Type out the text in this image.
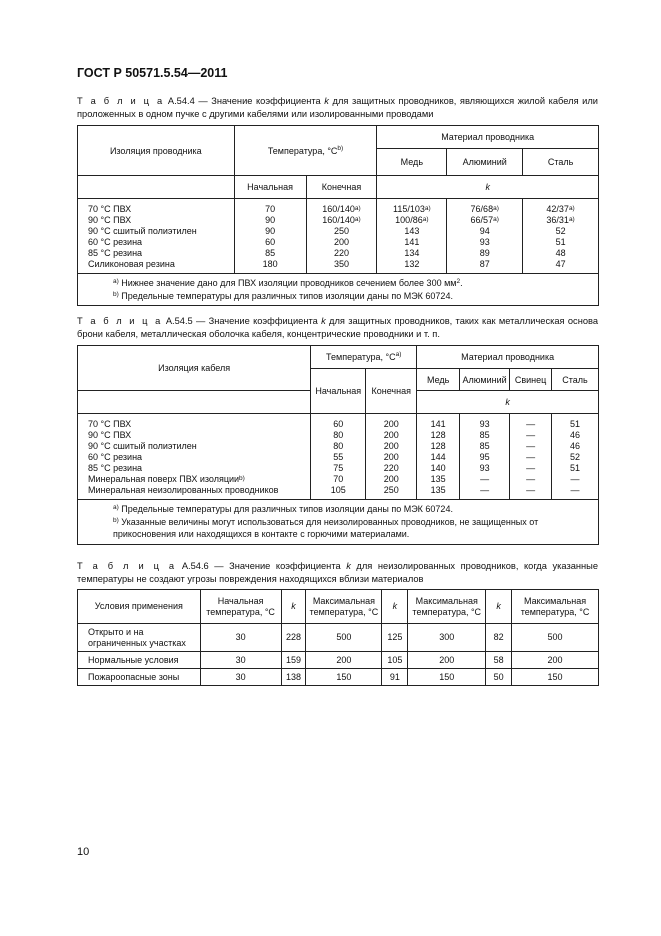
ГОСТ Р 50571.5.54—2011
Т а б л и ц а A.54.4 — Значение коэффициента k для защитных проводников, являющихся жилой кабеля или проложенных в одном пучке с другими кабелями или изолированными проводами
Изоляция проводника	Температура, $^\circ C^{b)}$		Материал проводника		
			Медь	Алюминий	Сталь
	Начальная	Конечная	k		
70 °С ПВХ	70	$160/140^{а)}$	$115/103^{а)}$	$76/68^{а)}$	$42/37^{а)}$
90 °С ПВХ	90	$160/140^{а)}$	$100/86^{а)}$	$66/57^{а)}$	$36/31^{а)}$
90 °С сшитый полиэтилен	90	250	143	94	52
60 °С резина	60	200	141	93	51
85 °С резина	85	220	134	89	48
Силиконовая резина	180	350	132	87	47

$^{а)}$ Нижнее значение дано для ПВХ изоляции проводников сечением более 300 $мм^2$.
$^{b)}$ Предельные температуры для различных типов изоляции даны по МЭК 60724.					
Т а б л и ц а A.54.5 — Значение коэффициента k для защитных проводников, таких как металлическая основа брони кабеля, металлическая оболочка кабеля, концентрические проводники и т. п.
Изоляция кабеля	Температура, $^\circ C^{а)}$		Материал проводника			
	Начальная	Конечная	Медь	Алюминий	Свинец	Сталь
			k			
70 °С ПВХ	60	200	141	93	—	51
90 °С ПВХ	80	200	128	85	—	46
90 °С сшитый полиэтилен	80	200	128	85	—	46
60 °С резина	55	200	144	95	—	52
85 °С резина	75	220	140	93	—	51
Минеральная поверх ПВХ изоляции$^{b)}$	70	200	135	—	—	—
Минеральная неизолированных проводников	105	250	135	—	—	—

$^{а)}$ Предельные температуры для различных типов изоляции даны по МЭК 60724.
$^{b)}$ Указанные величины могут использоваться для неизолированных проводников, не защищенных от прикосновения или находящихся в контакте с горючими материалами.						
Т а б л и ц а A.54.6 — Значение коэффициента k для неизолированных проводников, когда указанные температуры не создают угрозы повреждения находящихся вблизи материалов
Условия применения	Начальная температура, °C	k	Максимальная температура, °C	k	Максимальная температура, °C	k	Максимальная температура, °C
Открыто и на ограниченных участках	30	228	500	125	300	82	500
Нормальные условия	30	159	200	105	200	58	200
Пожароопасные зоны	30	138	150	91	150	50	150
10
